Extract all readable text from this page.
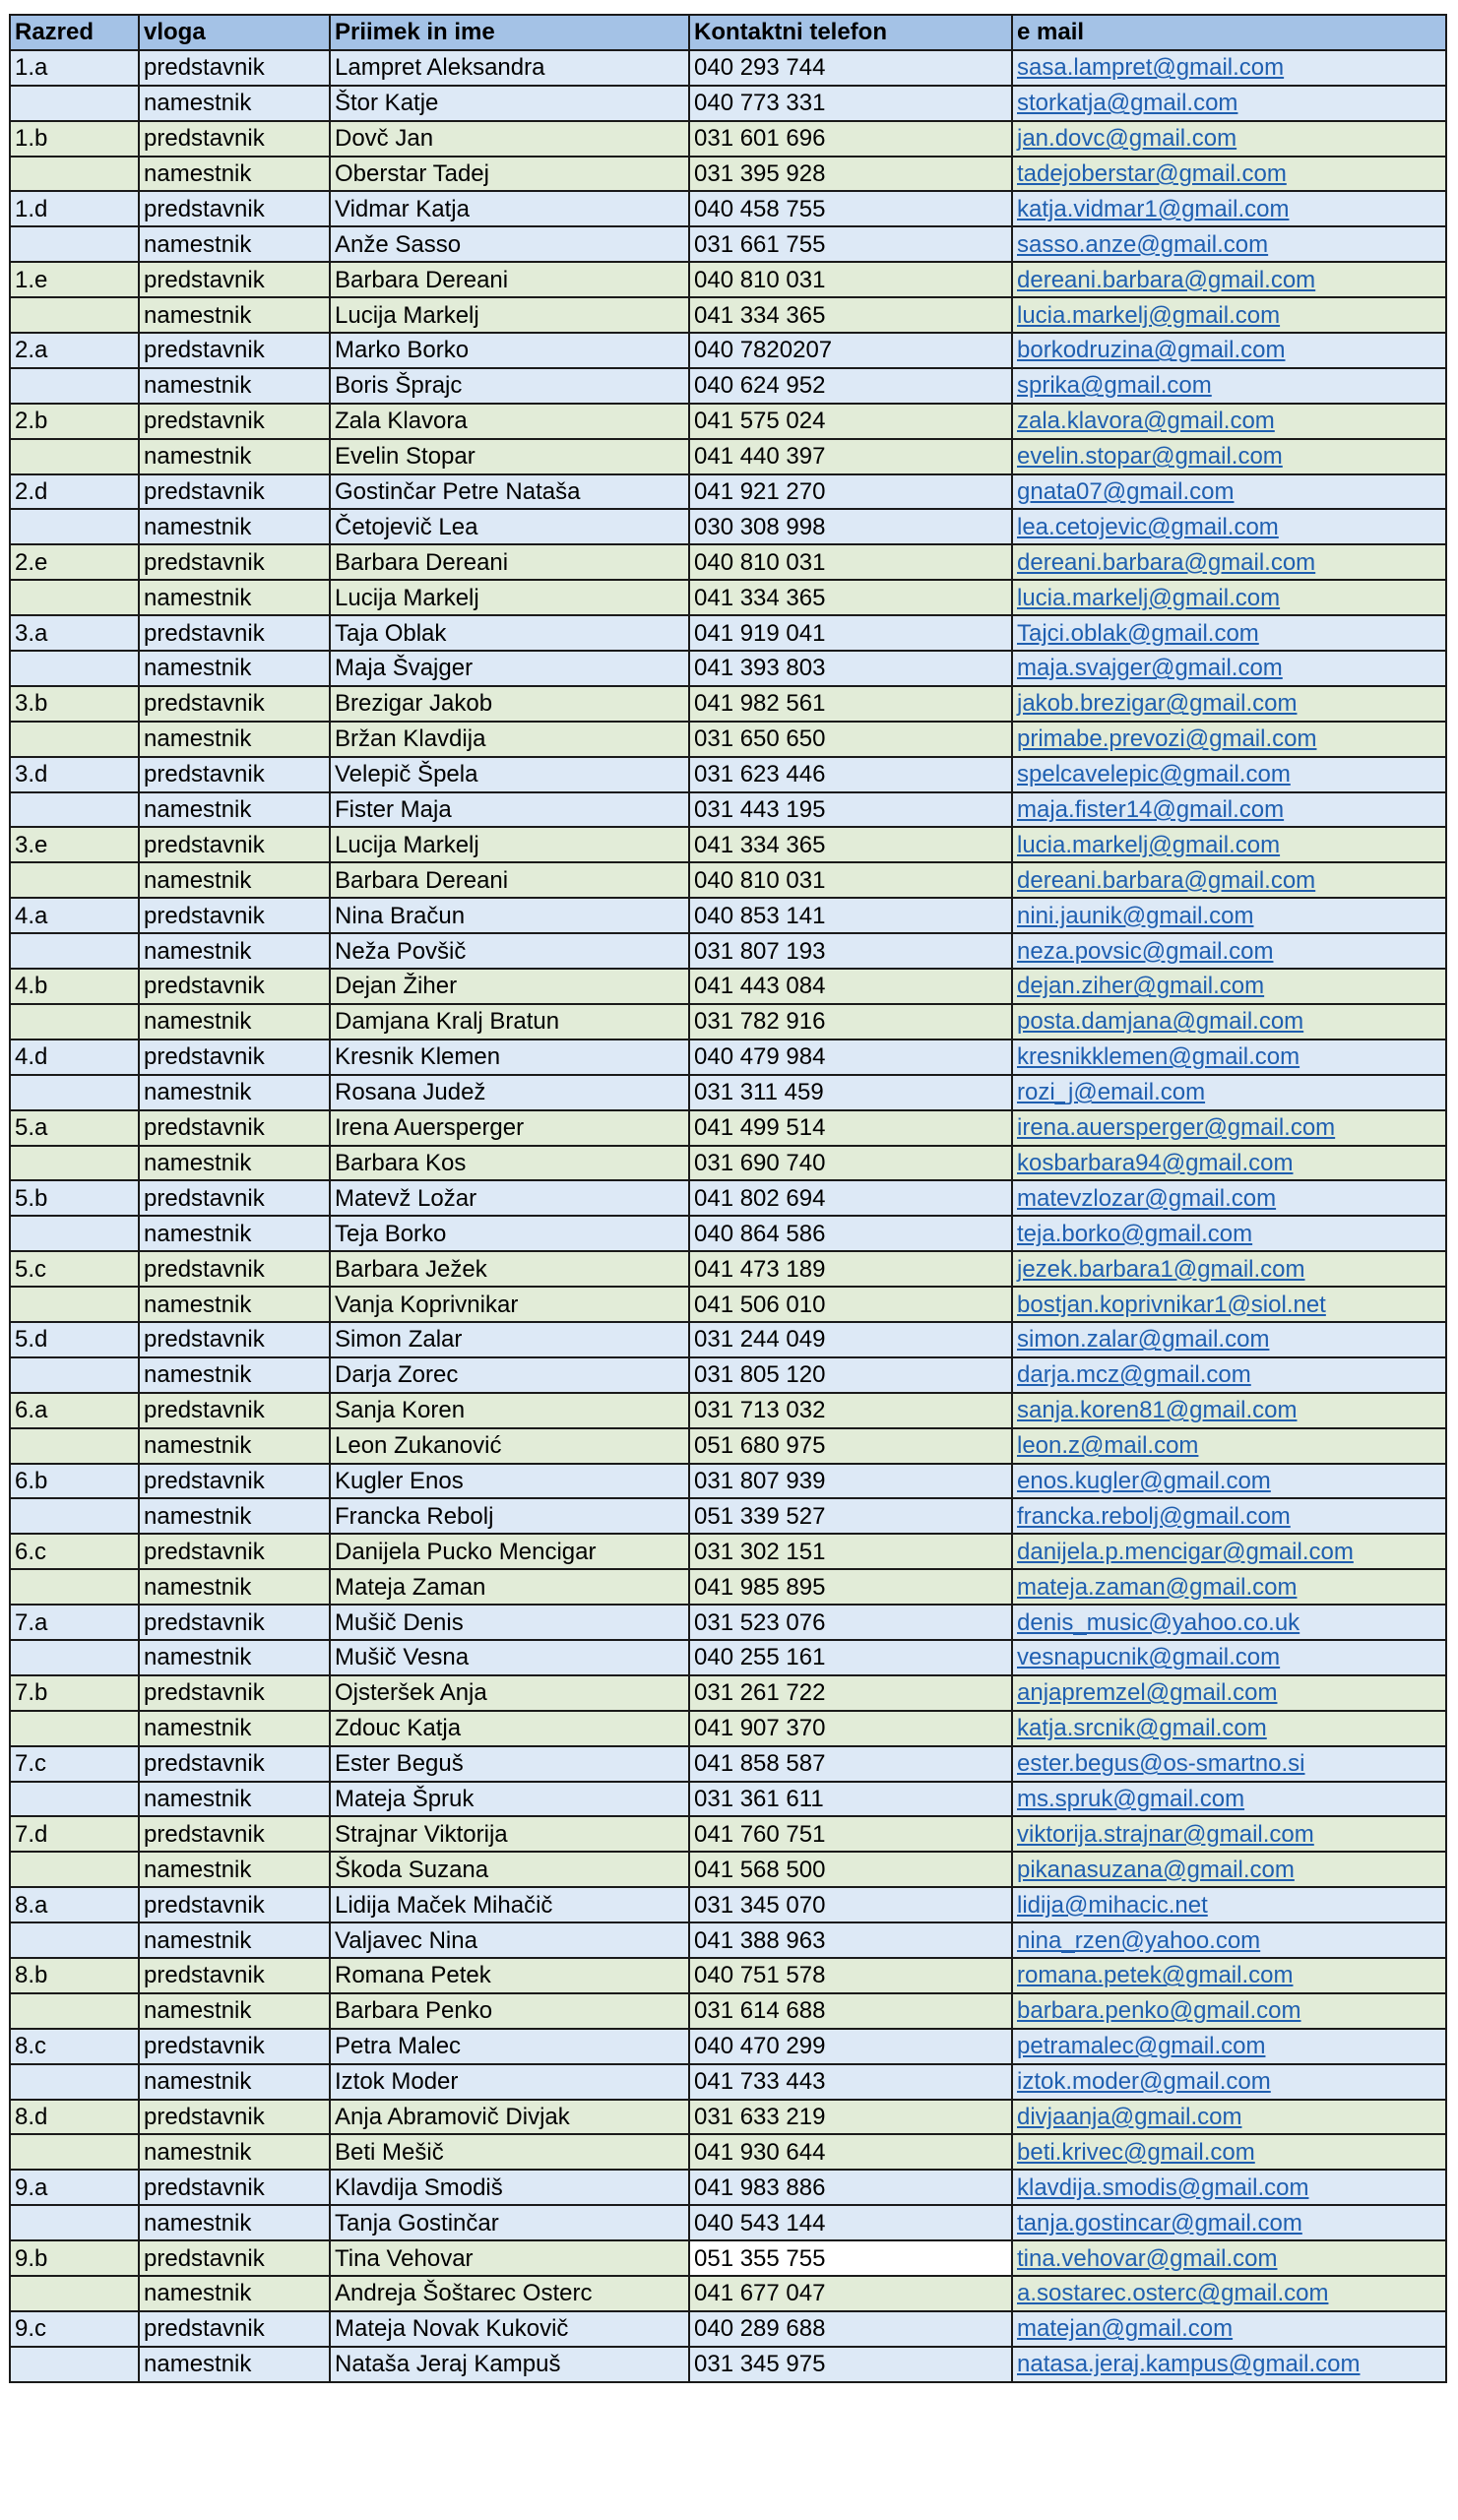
Razred	vloga	Priimek in ime	Kontaktni telefon	e mail
1.a	predstavnik	Lampret Aleksandra	040 293 744	sasa.lampret@gmail.com
	namestnik	Štor Katje	040 773 331	storkatja@gmail.com
1.b	predstavnik	Dovč Jan	031 601 696	jan.dovc@gmail.com
	namestnik	Oberstar Tadej	031 395 928	tadejoberstar@gmail.com
1.d	predstavnik	Vidmar Katja	040 458 755	katja.vidmar1@gmail.com
	namestnik	Anže Sasso	031 661 755	sasso.anze@gmail.com
1.e	predstavnik	Barbara Dereani	040 810 031	dereani.barbara@gmail.com
	namestnik	Lucija Markelj	041 334 365	lucia.markelj@gmail.com
2.a	predstavnik	Marko Borko	040 7820207	borkodruzina@gmail.com
	namestnik	Boris Šprajc	040 624 952	sprika@gmail.com
2.b	predstavnik	Zala Klavora	041 575 024	zala.klavora@gmail.com
	namestnik	Evelin Stopar	041 440 397	evelin.stopar@gmail.com
2.d	predstavnik	Gostinčar Petre Nataša	041 921 270	gnata07@gmail.com
	namestnik	Četojevič Lea	030 308 998	lea.cetojevic@gmail.com
2.e	predstavnik	Barbara Dereani	040 810 031	dereani.barbara@gmail.com
	namestnik	Lucija Markelj	041 334 365	lucia.markelj@gmail.com
3.a	predstavnik	Taja Oblak	041 919 041	Tajci.oblak@gmail.com
	namestnik	Maja Švajger	041 393 803	maja.svajger@gmail.com
3.b	predstavnik	Brezigar Jakob	041 982 561	jakob.brezigar@gmail.com
	namestnik	Bržan Klavdija	031 650 650	primabe.prevozi@gmail.com
3.d	predstavnik	Velepič Špela	031 623 446	spelcavelepic@gmail.com
	namestnik	Fister Maja	031 443 195	maja.fister14@gmail.com
3.e	predstavnik	Lucija Markelj	041 334 365	lucia.markelj@gmail.com
	namestnik	Barbara Dereani	040 810 031	dereani.barbara@gmail.com
4.a	predstavnik	Nina Bračun	040 853 141	nini.jaunik@gmail.com
	namestnik	Neža Povšič	031 807 193	neza.povsic@gmail.com
4.b	predstavnik	Dejan Žiher	041 443 084	dejan.ziher@gmail.com
	namestnik	Damjana Kralj Bratun	031 782 916	posta.damjana@gmail.com
4.d	predstavnik	Kresnik Klemen	040 479 984	kresnikklemen@gmail.com
	namestnik	Rosana Judež	031 311 459	rozi_j@email.com
5.a	predstavnik	Irena Auersperger	041 499 514	irena.auersperger@gmail.com
	namestnik	Barbara Kos	031 690 740	kosbarbara94@gmail.com
5.b	predstavnik	Matevž Ložar	041 802 694	matevzlozar@gmail.com
	namestnik	Teja Borko	040 864 586	teja.borko@gmail.com
5.c	predstavnik	Barbara Ježek	041 473 189	jezek.barbara1@gmail.com
	namestnik	Vanja Koprivnikar	041 506 010	bostjan.koprivnikar1@siol.net
5.d	predstavnik	Simon Zalar	031 244 049	simon.zalar@gmail.com
	namestnik	Darja Zorec	031 805 120	darja.mcz@gmail.com
6.a	predstavnik	Sanja Koren	031 713 032	sanja.koren81@gmail.com
	namestnik	Leon Zukanović	051 680 975	leon.z@mail.com
6.b	predstavnik	Kugler Enos	031 807 939	enos.kugler@gmail.com
	namestnik	Francka Rebolj	051 339 527	francka.rebolj@gmail.com
6.c	predstavnik	Danijela Pucko Mencigar	031 302 151	danijela.p.mencigar@gmail.com
	namestnik	Mateja Zaman	041 985 895	mateja.zaman@gmail.com
7.a	predstavnik	Mušič Denis	031 523 076	denis_music@yahoo.co.uk
	namestnik	Mušič Vesna	040 255 161	vesnapucnik@gmail.com
7.b	predstavnik	Ojsteršek Anja	031 261 722	anjapremzel@gmail.com
	namestnik	Zdouc Katja	041 907 370	katja.srcnik@gmail.com
7.c	predstavnik	Ester Beguš	041 858 587	ester.begus@os-smartno.si
	namestnik	Mateja Špruk	031 361 611	ms.spruk@gmail.com
7.d	predstavnik	Strajnar Viktorija	041 760 751	viktorija.strajnar@gmail.com
	namestnik	Škoda Suzana	041 568 500	pikanasuzana@gmail.com
8.a	predstavnik	Lidija Maček Mihačič	031 345 070	lidija@mihacic.net
	namestnik	Valjavec Nina	041 388 963	nina_rzen@yahoo.com
8.b	predstavnik	Romana Petek	040 751 578	romana.petek@gmail.com
	namestnik	Barbara Penko	031 614 688	barbara.penko@gmail.com
8.c	predstavnik	Petra Malec	040 470 299	petramalec@gmail.com
	namestnik	Iztok Moder	041 733 443	iztok.moder@gmail.com
8.d	predstavnik	Anja Abramovič Divjak	031 633 219	divjaanja@gmail.com
	namestnik	Beti Mešič	041 930 644	beti.krivec@gmail.com
9.a	predstavnik	Klavdija Smodiš	041 983 886	klavdija.smodis@gmail.com
	namestnik	Tanja Gostinčar	040 543 144	tanja.gostincar@gmail.com
9.b	predstavnik	Tina Vehovar	051 355 755	tina.vehovar@gmail.com
	namestnik	Andreja Šoštarec Osterc	041 677 047	a.sostarec.osterc@gmail.com
9.c	predstavnik	Mateja Novak Kukovič	040 289 688	matejan@gmail.com
	namestnik	Nataša Jeraj Kampuš	031 345 975	natasa.jeraj.kampus@gmail.com
